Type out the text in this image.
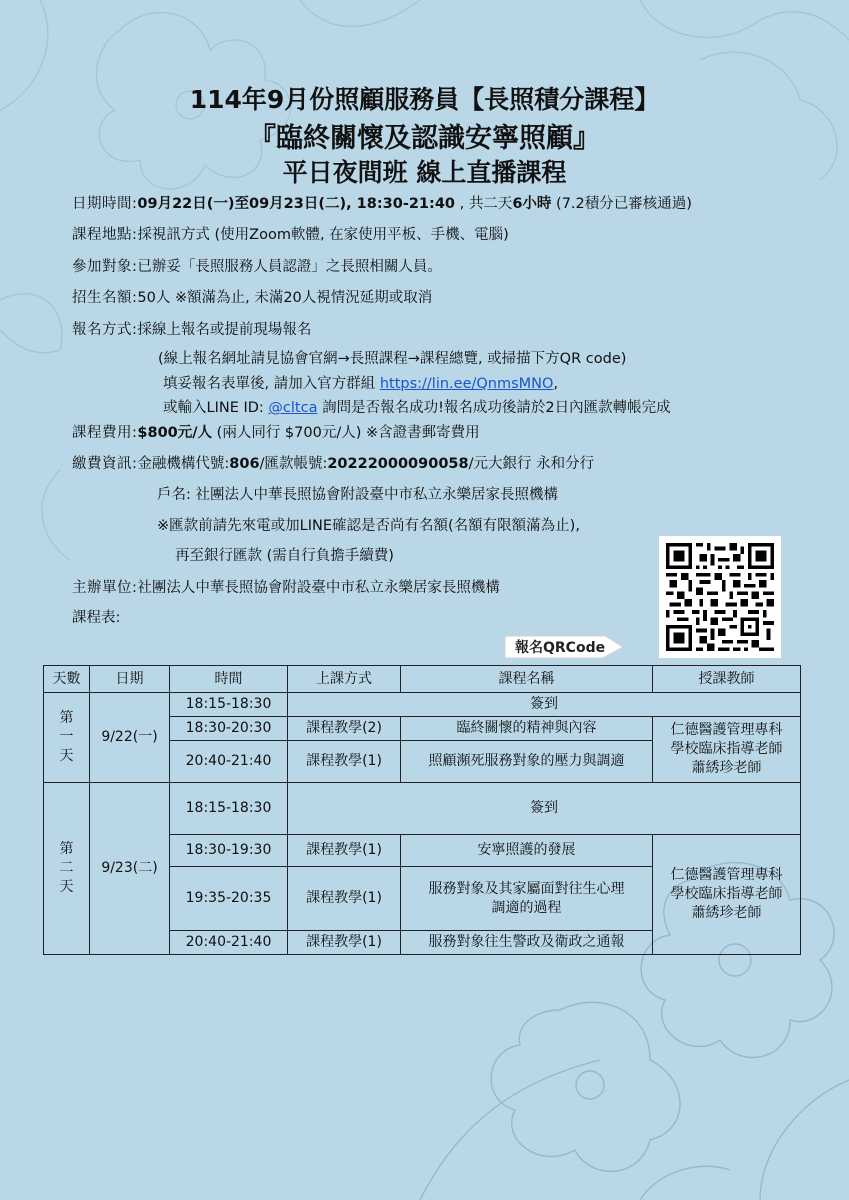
114年9月份照顧服務員【長照積分課程】
『臨終關懷及認識安寧照顧』
平日夜間班 線上直播課程
日期時間:09月22日(一)至09月23日(二), 18:30-21:40 , 共二天6小時 (7.2積分已審核通過)
課程地點:採視訊方式 (使用Zoom軟體, 在家使用平板、手機、電腦)
參加對象:已辦妥「長照服務人員認證」之長照相關人員。
招生名額:50人 ※額滿為止, 未滿20人視情況延期或取消
報名方式:採線上報名或提前現場報名
(線上報名網址請見協會官網→長照課程→課程總覽, 或掃描下方QR code)
填妥報名表單後, 請加入官方群組 https://lin.ee/QnmsMNO,
或輸入LINE ID: @cltca 詢問是否報名成功!報名成功後請於2日內匯款轉帳完成
課程費用:$800元/人 (兩人同行 $700元/人) ※含證書郵寄費用
繳費資訊:金融機構代號:806/匯款帳號:20222000090058/元大銀行 永和分行
戶名: 社團法人中華長照協會附設臺中市私立永樂居家長照機構
※匯款前請先來電或加LINE確認是否尚有名額(名額有限額滿為止),
再至銀行匯款 (需自行負擔手續費)
主辦單位:社團法人中華長照協會附設臺中市私立永樂居家長照機構
課程表:
報名QRCode
天數	日期	時間	上課方式	課程名稱	授課教師

第
一
天	9/22(一)	18:15-18:30	簽到		
		18:30-20:30	課程教學(2)	臨終關懷的精神與內容	仁德醫護管理專科
學校臨床指導老師
蕭綉珍老師

		20:40-21:40	課程教學(1)	照顧瀕死服務對象的壓力與調適	

第
二
天	9/23(二)	18:15-18:30	簽到		
		18:30-19:30	課程教學(1)	安寧照護的發展	仁德醫護管理專科
學校臨床指導老師
蕭綉珍老師

		19:35-20:35	課程教學(1)	服務對象及其家屬面對往生心理
調適的過程	

		20:40-21:40	課程教學(1)	服務對象往生警政及衛政之通報	
